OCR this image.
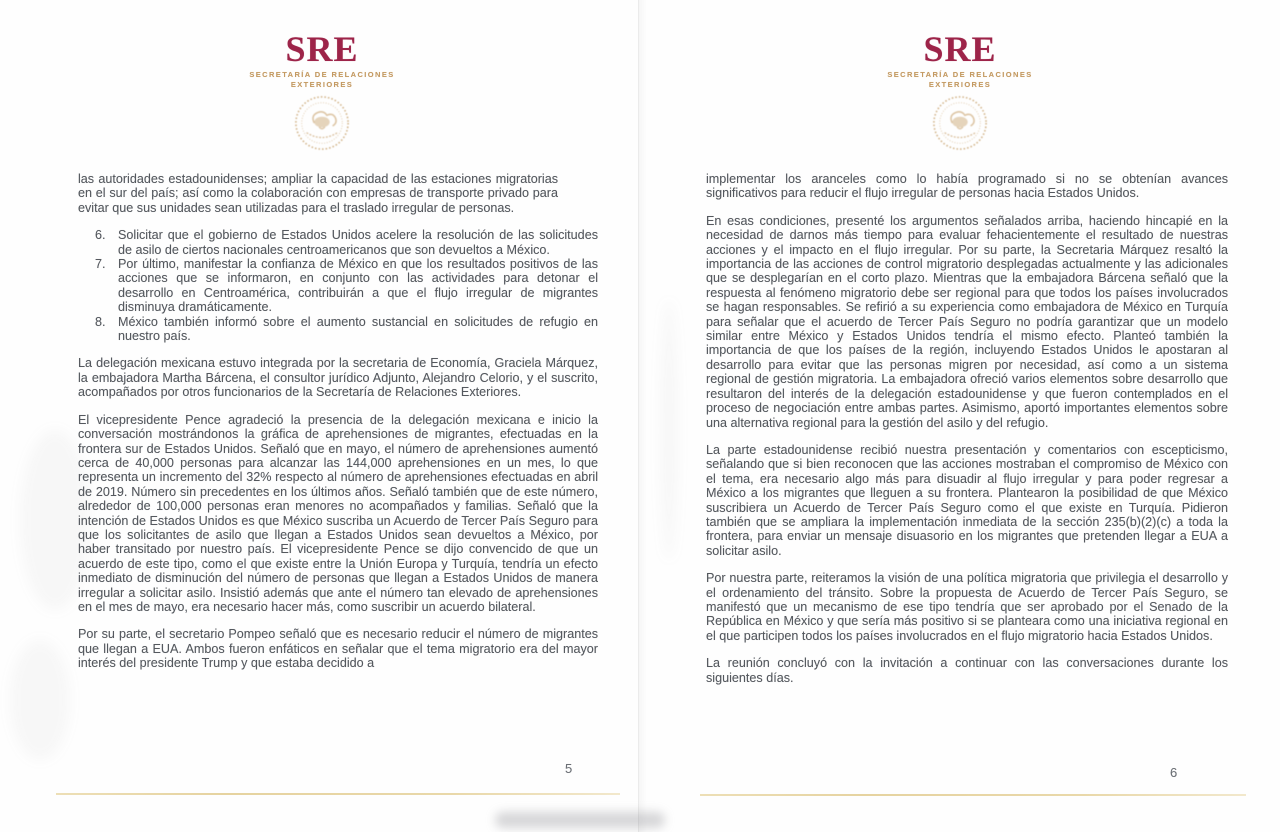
SRE
SECRETARÍA DE RELACIONES
EXTERIORES
SRE
SECRETARÍA DE RELACIONES
EXTERIORES

las autoridades estadounidenses; ampliar la capacidad de las estaciones migratorias en el sur del país; así como la colaboración con empresas de transporte privado para evitar que sus unidades sean utilizadas para el traslado irregular de personas.

6. Solicitar que el gobierno de Estados Unidos acelere la resolución de las solicitudes de asilo de ciertos nacionales centroamericanos que son devueltos a México.
7. Por último, manifestar la confianza de México en que los resultados positivos de las acciones que se informaron, en conjunto con las actividades para detonar el desarrollo en Centroamérica, contribuirán a que el flujo irregular de migrantes disminuya dramáticamente.
8. México también informó sobre el aumento sustancial en solicitudes de refugio en nuestro país.

La delegación mexicana estuvo integrada por la secretaria de Economía, Graciela Márquez, la embajadora Martha Bárcena, el consultor jurídico Adjunto, Alejandro Celorio, y el suscrito, acompañados por otros funcionarios de la Secretaría de Relaciones Exteriores.

El vicepresidente Pence agradeció la presencia de la delegación mexicana e inicio la conversación mostrándonos la gráfica de aprehensiones de migrantes, efectuadas en la frontera sur de Estados Unidos. Señaló que en mayo, el número de aprehensiones aumentó cerca de 40,000 personas para alcanzar las 144,000 aprehensiones en un mes, lo que representa un incremento del 32% respecto al número de aprehensiones efectuadas en abril de 2019. Número sin precedentes en los últimos años. Señaló también que de este número, alrededor de 100,000 personas eran menores no acompañados y familias. Señaló que la intención de Estados Unidos es que México suscriba un Acuerdo de Tercer País Seguro para que los solicitantes de asilo que llegan a Estados Unidos sean devueltos a México, por haber transitado por nuestro país. El vicepresidente Pence se dijo convencido de que un acuerdo de este tipo, como el que existe entre la Unión Europa y Turquía, tendría un efecto inmediato de disminución del número de personas que llegan a Estados Unidos de manera irregular a solicitar asilo. Insistió además que ante el número tan elevado de aprehensiones en el mes de mayo, era necesario hacer más, como suscribir un acuerdo bilateral.

Por su parte, el secretario Pompeo señaló que es necesario reducir el número de migrantes que llegan a EUA. Ambos fueron enfáticos en señalar que el tema migratorio era del mayor interés del presidente Trump y que estaba decidido a

implementar los aranceles como lo había programado si no se obtenían avances significativos para reducir el flujo irregular de personas hacia Estados Unidos.

En esas condiciones, presenté los argumentos señalados arriba, haciendo hincapié en la necesidad de darnos más tiempo para evaluar fehacientemente el resultado de nuestras acciones y el impacto en el flujo irregular. Por su parte, la Secretaria Márquez resaltó la importancia de las acciones de control migratorio desplegadas actualmente y las adicionales que se desplegarían en el corto plazo. Mientras que la embajadora Bárcena señaló que la respuesta al fenómeno migratorio debe ser regional para que todos los países involucrados se hagan responsables. Se refirió a su experiencia como embajadora de México en Turquía para señalar que el acuerdo de Tercer País Seguro no podría garantizar que un modelo similar entre México y Estados Unidos tendría el mismo efecto. Planteó también la importancia de que los países de la región, incluyendo Estados Unidos le apostaran al desarrollo para evitar que las personas migren por necesidad, así como a un sistema regional de gestión migratoria. La embajadora ofreció varios elementos sobre desarrollo que resultaron del interés de la delegación estadounidense y que fueron contemplados en el proceso de negociación entre ambas partes. Asimismo, aportó importantes elementos sobre una alternativa regional para la gestión del asilo y del refugio.

La parte estadounidense recibió nuestra presentación y comentarios con escepticismo, señalando que si bien reconocen que las acciones mostraban el compromiso de México con el tema, era necesario algo más para disuadir al flujo irregular y para poder regresar a México a los migrantes que lleguen a su frontera. Plantearon la posibilidad de que México suscribiera un Acuerdo de Tercer País Seguro como el que existe en Turquía. Pidieron también que se ampliara la implementación inmediata de la sección 235(b)(2)(c) a toda la frontera, para enviar un mensaje disuasorio en los migrantes que pretenden llegar a EUA a solicitar asilo.

Por nuestra parte, reiteramos la visión de una política migratoria que privilegia el desarrollo y el ordenamiento del tránsito. Sobre la propuesta de Acuerdo de Tercer País Seguro, se manifestó que un mecanismo de ese tipo tendría que ser aprobado por el Senado de la República en México y que sería más positivo si se planteara como una iniciativa regional en el que participen todos los países involucrados en el flujo migratorio hacia Estados Unidos.

La reunión concluyó con la invitación a continuar con las conversaciones durante los siguientes días.

5	6
